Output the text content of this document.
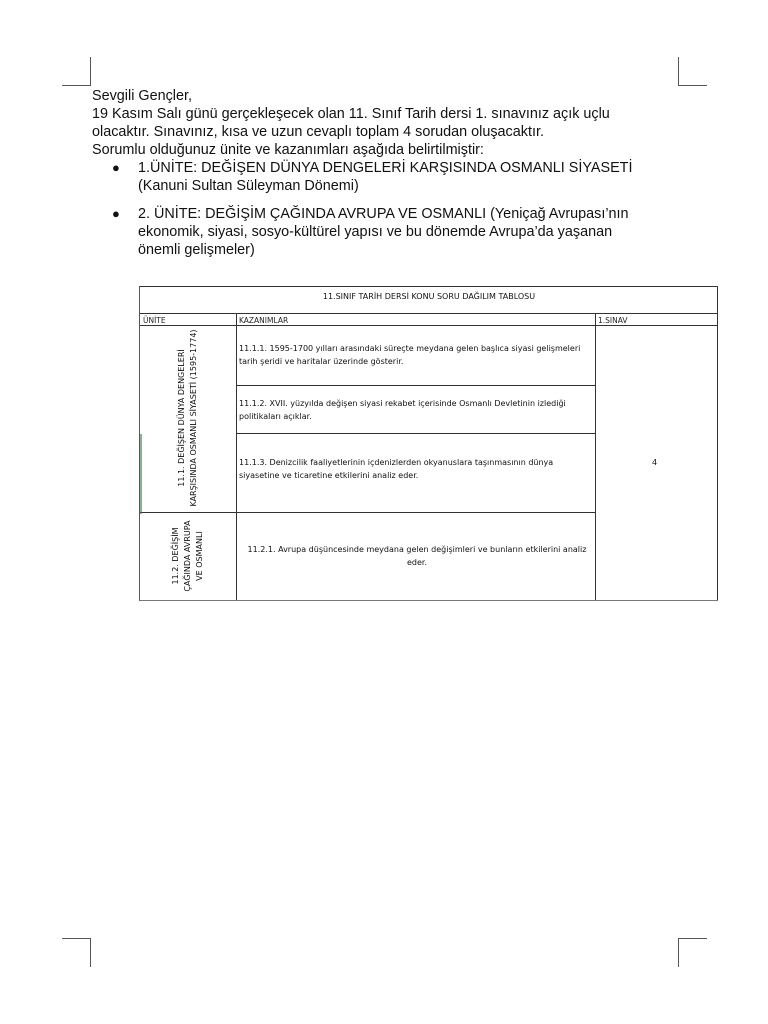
Sevgili Gençler,

19 Kasım Salı günü gerçekleşecek olan 11. Sınıf Tarih dersi 1. sınavınız açık uçlu olacaktır. Sınavınız, kısa ve uzun cevaplı toplam 4 sorudan oluşacaktır.

Sorumlu olduğunuz ünite ve kazanımları aşağıda belirtilmiştir:

● 1.ÜNİTE: DEĞİŞEN DÜNYA DENGELERİ KARŞISINDA OSMANLI SİYASETİ (Kanuni Sultan Süleyman Dönemi)
● 2. ÜNİTE: DEĞİŞİM ÇAĞINDA AVRUPA VE OSMANLI (Yeniçağ Avrupası’nın ekonomik, siyasi, sosyo-kültürel yapısı ve bu dönemde Avrupa’da yaşanan önemli gelişmeler)
11.SINIF TARİH DERSİ KONU SORU DAĞILIM TABLOSU
ÜNİTE	KAZANIMLAR	1.SINAV
11.1. DEĞİŞEN DÜNYA DENGELERİ KARŞISINDA OSMANLI SİYASETİ (1595-1774)
11.2. DEĞİŞİM ÇAĞINDA AVRUPA VE OSMANLI
11.1.1. 1595-1700 yılları arasındaki süreçte meydana gelen başlıca siyasi gelişmeleri tarih şeridi ve haritalar üzerinde gösterir.
11.1.2. XVII. yüzyılda değişen siyasi rekabet içerisinde Osmanlı Devletinin izlediği politikaları açıklar.
11.1.3. Denizcilik faaliyetlerinin içdenizlerden okyanuslara taşınmasının dünya siyasetine ve ticaretine etkilerini analiz eder.
11.2.1. Avrupa düşüncesinde meydana gelen değişimleri ve bunların etkilerini analiz eder.
4
